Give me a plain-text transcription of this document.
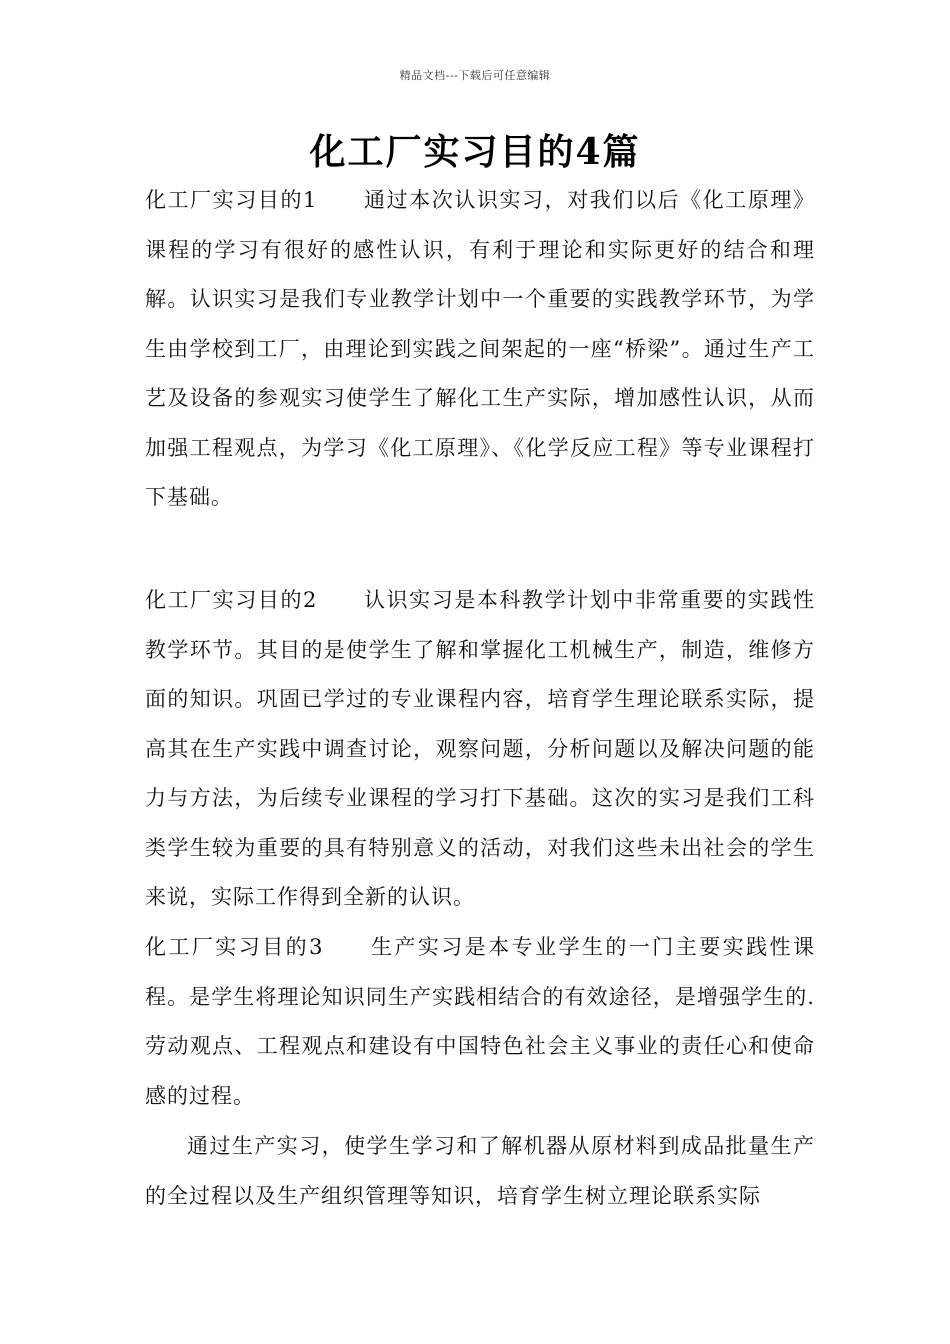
精品文档---下载后可任意编辑
化工厂实习目的4篇

化工厂实习目的1 通过本次认识实习，对我们以后《化工原理》课程的学习有很好的感性认识，有利于理论和实际更好的结合和理解。认识实习是我们专业教学计划中一个重要的实践教学环节，为学生由学校到工厂，由理论到实践之间架起的一座“桥梁”。通过生产工艺及设备的参观实习使学生了解化工生产实际，增加感性认识，从而加强工程观点，为学习《化工原理》、《化学反应工程》等专业课程打下基础。

化工厂实习目的2 认识实习是本科教学计划中非常重要的实践性教学环节。其目的是使学生了解和掌握化工机械生产，制造，维修方面的知识。巩固已学过的专业课程内容，培育学生理论联系实际，提高其在生产实践中调查讨论，观察问题，分析问题以及解决问题的能力与方法，为后续专业课程的学习打下基础。这次的实习是我们工科类学生较为重要的具有特别意义的活动，对我们这些未出社会的学生来说，实际工作得到全新的认识。

化工厂实习目的3 生产实习是本专业学生的一门主要实践性课程。是学生将理论知识同生产实践相结合的有效途径，是增强学生的.劳动观点、工程观点和建设有中国特色社会主义事业的责任心和使命感的过程。

通过生产实习，使学生学习和了解机器从原材料到成品批量生产的全过程以及生产组织管理等知识，培育学生树立理论联系实际
